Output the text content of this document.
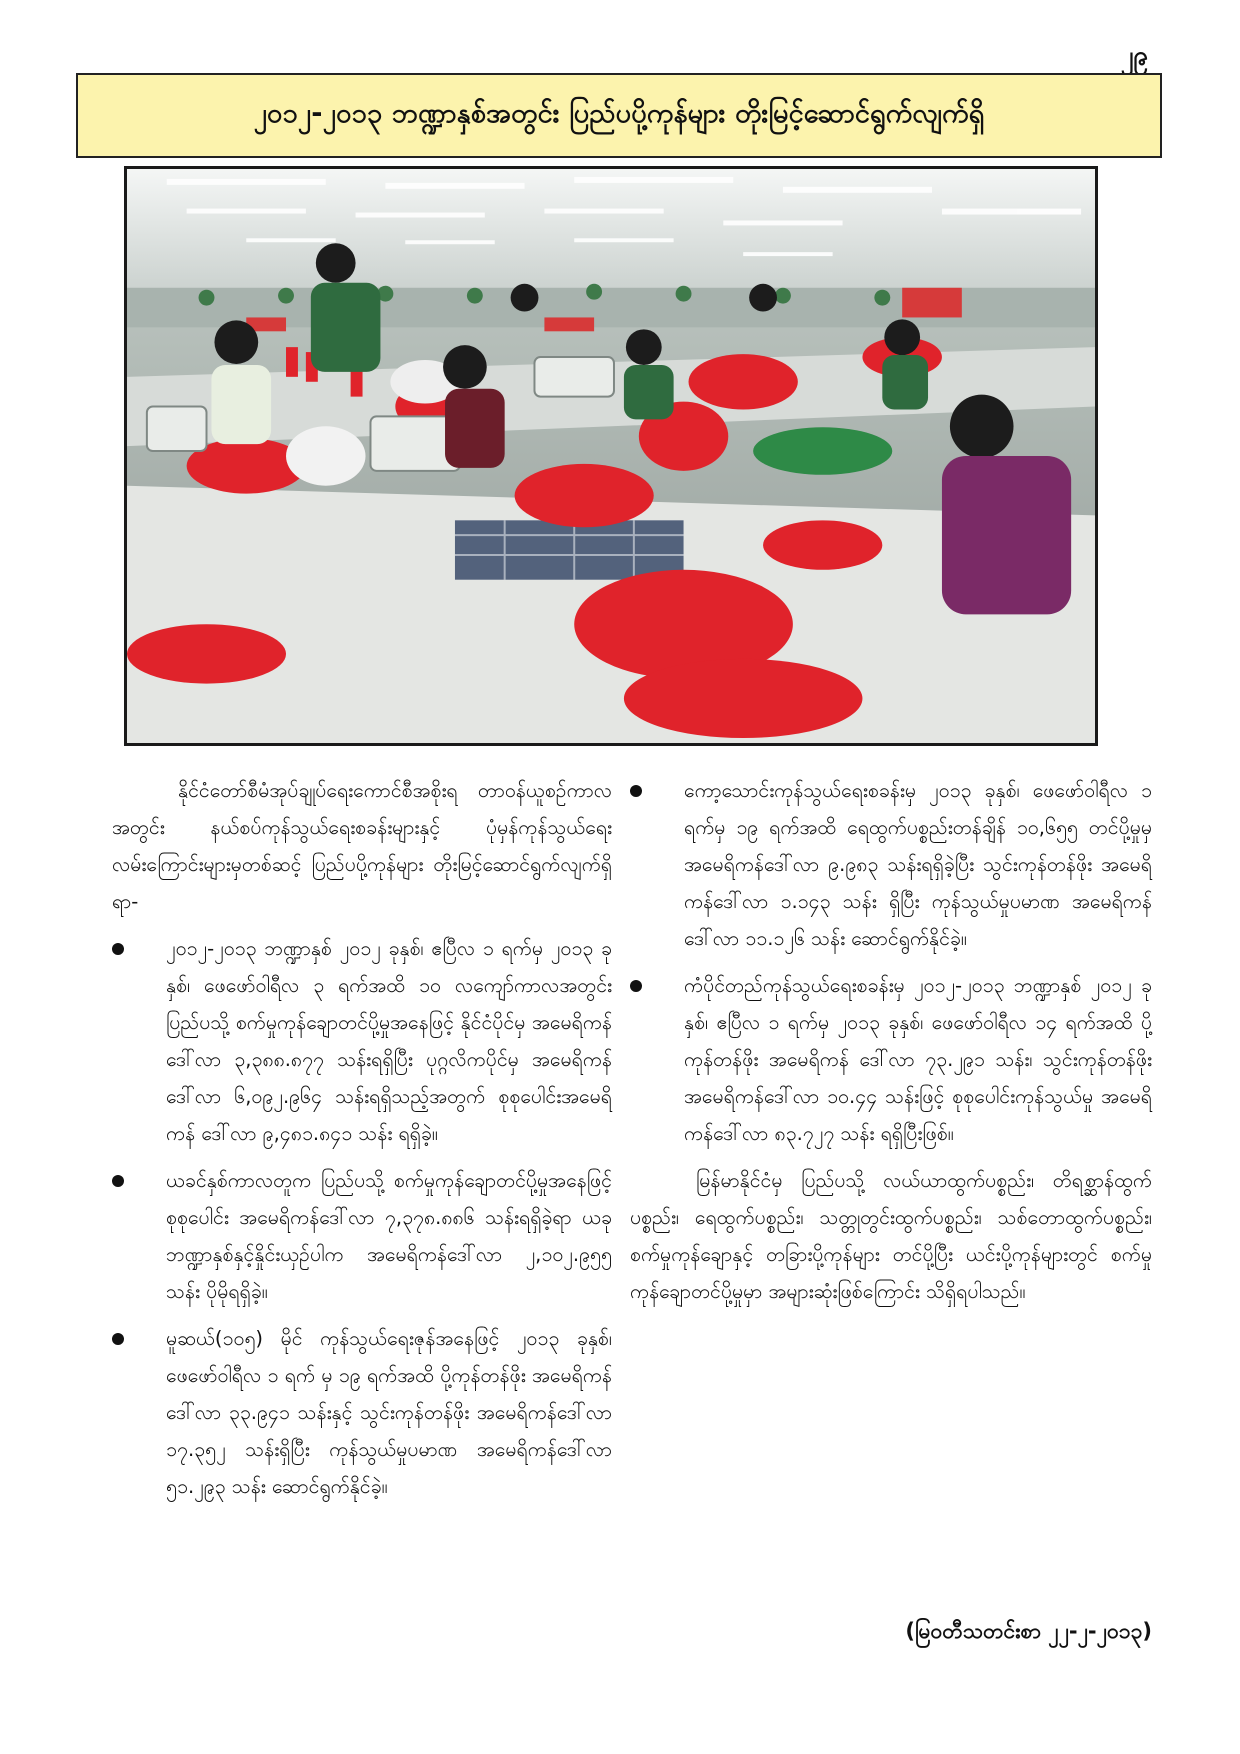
၂၉
၂၀၁၂-၂၀၁၃ ဘဏ္ဍာနှစ်အတွင်း ပြည်ပပို့ကုန်များ တိုးမြင့်ဆောင်ရွက်လျက်ရှိ

နိုင်ငံတော်စီမံအုပ်ချုပ်ရေးကောင်စီအစိုးရ တာဝန်ယူစဉ်ကာလအတွင်း နယ်စပ်ကုန်သွယ်ရေးစခန်းများနှင့် ပုံမှန်ကုန်သွယ်ရေးလမ်းကြောင်းများမှတစ်ဆင့် ပြည်ပပို့ကုန်များ တိုးမြင့်ဆောင်ရွက်လျက်ရှိရာ-

၂၀၁၂-၂၀၁၃ ဘဏ္ဍာနှစ် ၂၀၁၂ ခုနှစ်၊ ဧပြီလ ၁ ရက်မှ ၂၀၁၃ ခုနှစ်၊ ဖေဖော်ဝါရီလ ၃ ရက်အထိ ၁၀ လကျော်ကာလအတွင်း ပြည်ပသို့ စက်မှုကုန်ချောတင်ပို့မှုအနေဖြင့် နိုင်ငံပိုင်မှ အမေရိကန်ဒေါ်လာ ၃,၃၈၈.၈၇၇ သန်းရရှိပြီး ပုဂ္ဂလိကပိုင်မှ အမေရိကန်ဒေါ်လာ ၆,၀၉၂.၉၆၄ သန်းရရှိသည့်အတွက် စုစုပေါင်းအမေရိကန် ဒေါ်လာ ၉,၄၈၁.၈၄၁ သန်း ရရှိခဲ့။
ယခင်နှစ်ကာလတူက ပြည်ပသို့ စက်မှုကုန်ချောတင်ပို့မှုအနေဖြင့် စုစုပေါင်း အမေရိကန်ဒေါ်လာ ၇,၃၇၈.၈၈၆ သန်းရရှိခဲ့ရာ ယခုဘဏ္ဍာနှစ်နှင့်နှိုင်းယှဉ်ပါက အမေရိကန်ဒေါ်လာ ၂,၁၀၂.၉၅၅ သန်း ပိုမိုရရှိခဲ့။
မူဆယ်(၁၀၅) မိုင် ကုန်သွယ်ရေးဇုန်အနေဖြင့် ၂၀၁၃ ခုနှစ်၊ ဖေဖော်ဝါရီလ ၁ ရက် မှ ၁၉ ရက်အထိ ပို့ကုန်တန်ဖိုး အမေရိကန်ဒေါ်လာ ၃၃.၉၄၁ သန်းနှင့် သွင်းကုန်တန်ဖိုး အမေရိကန်ဒေါ်လာ ၁၇.၃၅၂ သန်းရှိပြီး ကုန်သွယ်မှုပမာဏ အမေရိကန်ဒေါ်လာ ၅၁.၂၉၃ သန်း ဆောင်ရွက်နိုင်ခဲ့။
ကော့သောင်းကုန်သွယ်ရေးစခန်းမှ ၂၀၁၃ ခုနှစ်၊ ဖေဖော်ဝါရီလ ၁ ရက်မှ ၁၉ ရက်အထိ ရေထွက်ပစ္စည်းတန်ချိန် ၁၀,၆၅၅ တင်ပို့မှုမှ အမေရိကန်ဒေါ်လာ ၉.၉၈၃ သန်းရရှိခဲ့ပြီး သွင်းကုန်တန်ဖိုး အမေရိကန်ဒေါ်လာ ၁.၁၄၃ သန်း ရှိပြီး ကုန်သွယ်မှုပမာဏ အမေရိကန်ဒေါ်လာ ၁၁.၁၂၆ သန်း ဆောင်ရွက်နိုင်ခဲ့။
ကံပိုင်တည်ကုန်သွယ်ရေးစခန်းမှ ၂၀၁၂-၂၀၁၃ ဘဏ္ဍာနှစ် ၂၀၁၂ ခုနှစ်၊ ဧပြီလ ၁ ရက်မှ ၂၀၁၃ ခုနှစ်၊ ဖေဖော်ဝါရီလ ၁၄ ရက်အထိ ပို့ကုန်တန်ဖိုး အမေရိကန် ဒေါ်လာ ၇၃.၂၉၁ သန်း၊ သွင်းကုန်တန်ဖိုး အမေရိကန်ဒေါ်လာ ၁၀.၄၄ သန်းဖြင့် စုစုပေါင်းကုန်သွယ်မှု အမေရိကန်ဒေါ်လာ ၈၃.၇၂၇ သန်း ရရှိပြီးဖြစ်။

မြန်မာနိုင်ငံမှ ပြည်ပသို့ လယ်ယာထွက်ပစ္စည်း၊ တိရစ္ဆာန်ထွက်ပစ္စည်း၊ ရေထွက်ပစ္စည်း၊ သတ္တုတွင်းထွက်ပစ္စည်း၊ သစ်တောထွက်ပစ္စည်း၊ စက်မှုကုန်ချောနှင့် တခြားပို့ကုန်များ တင်ပို့ပြီး ယင်းပို့ကုန်များတွင် စက်မှုကုန်ချောတင်ပို့မှုမှာ အများဆုံးဖြစ်ကြောင်း သိရှိရပါသည်။

(မြဝတီသတင်းစာ ၂၂-၂-၂၀၁၃)
